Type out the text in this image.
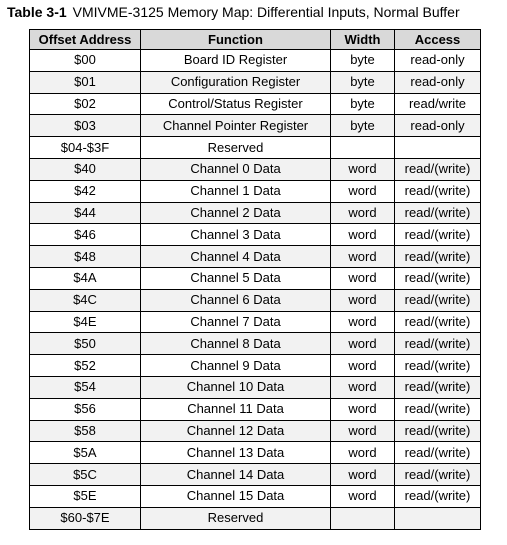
Table 3-1 VMIVME-3125 Memory Map: Differential Inputs, Normal Buffer
Offset Address	Function	Width	Access
$00	Board ID Register	byte	read-only
$01	Configuration Register	byte	read-only
$02	Control/Status Register	byte	read/write
$03	Channel Pointer Register	byte	read-only
$04-$3F	Reserved		
$40	Channel 0 Data	word	read/(write)
$42	Channel 1 Data	word	read/(write)
$44	Channel 2 Data	word	read/(write)
$46	Channel 3 Data	word	read/(write)
$48	Channel 4 Data	word	read/(write)
$4A	Channel 5 Data	word	read/(write)
$4C	Channel 6 Data	word	read/(write)
$4E	Channel 7 Data	word	read/(write)
$50	Channel 8 Data	word	read/(write)
$52	Channel 9 Data	word	read/(write)
$54	Channel 10 Data	word	read/(write)
$56	Channel 11 Data	word	read/(write)
$58	Channel 12 Data	word	read/(write)
$5A	Channel 13 Data	word	read/(write)
$5C	Channel 14 Data	word	read/(write)
$5E	Channel 15 Data	word	read/(write)
$60-$7E	Reserved		
